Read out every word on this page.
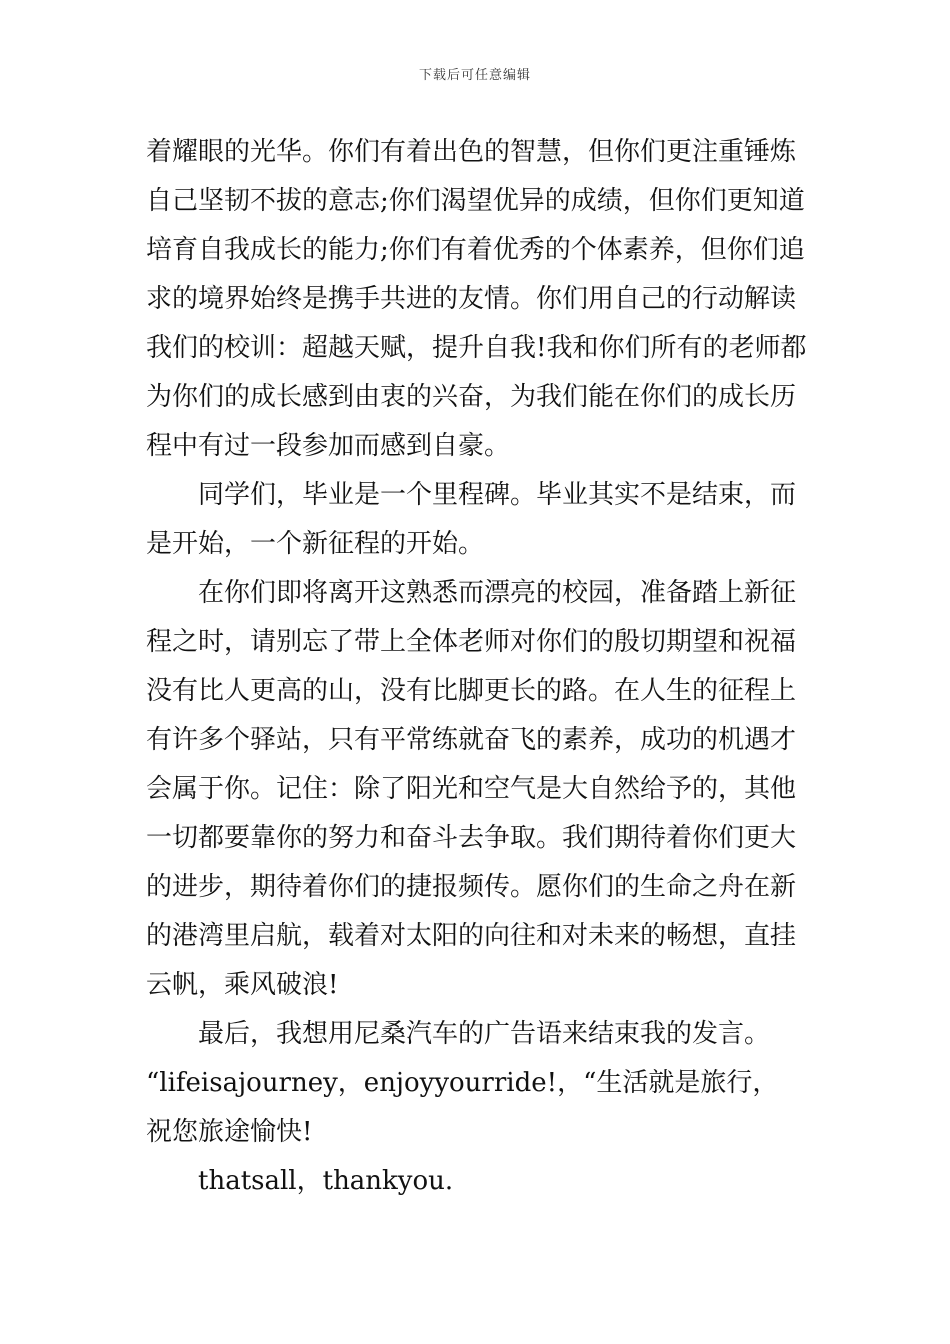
下载后可任意编辑
着耀眼的光华。你们有着出色的智慧，但你们更注重锤炼
自己坚韧不拔的意志;你们渴望优异的成绩，但你们更知道
培育自我成长的能力;你们有着优秀的个体素养，但你们追
求的境界始终是携手共进的友情。你们用自己的行动解读
我们的校训：超越天赋，提升自我!我和你们所有的老师都
为你们的成长感到由衷的兴奋，为我们能在你们的成长历
程中有过一段参加而感到自豪。
同学们，毕业是一个里程碑。毕业其实不是结束，而
是开始，一个新征程的开始。
在你们即将离开这熟悉而漂亮的校园，准备踏上新征
程之时，请别忘了带上全体老师对你们的殷切期望和祝福
没有比人更高的山，没有比脚更长的路。在人生的征程上
有许多个驿站，只有平常练就奋飞的素养，成功的机遇才
会属于你。记住：除了阳光和空气是大自然给予的，其他
一切都要靠你的努力和奋斗去争取。我们期待着你们更大
的进步，期待着你们的捷报频传。愿你们的生命之舟在新
的港湾里启航，载着对太阳的向往和对未来的畅想，直挂
云帆，乘风破浪!
最后，我想用尼桑汽车的广告语来结束我的发言。
“lifeisajourney，enjoyyourride!，“生活就是旅行，
祝您旅途愉快!
thatsall，thankyou.
